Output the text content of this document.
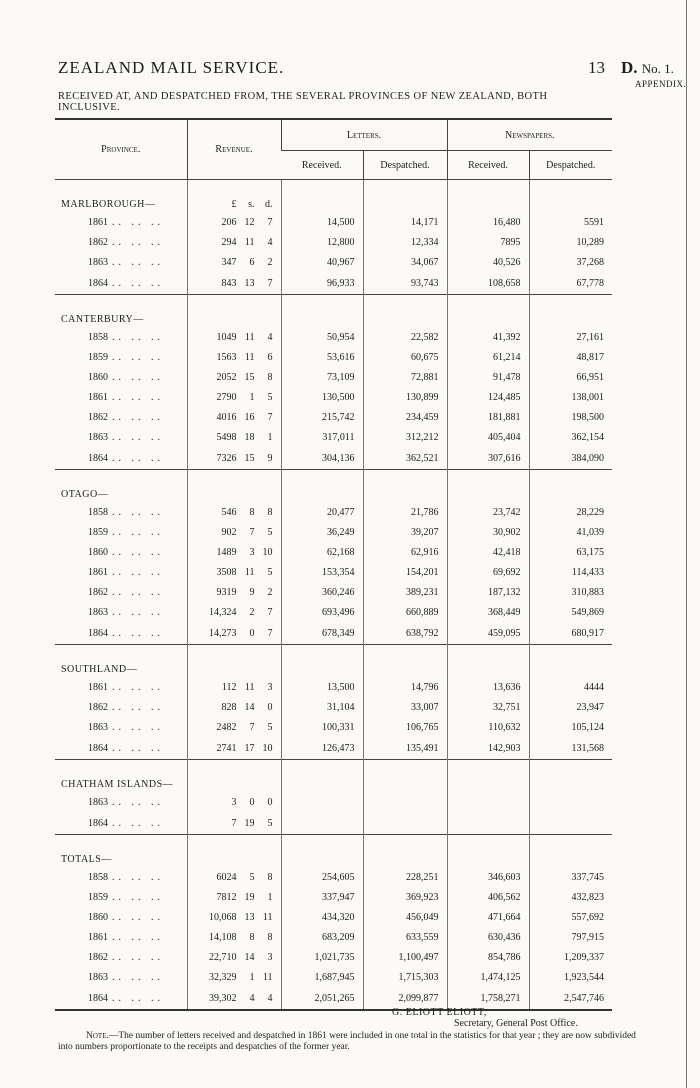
ZEALAND MAIL SERVICE.	13 D. No. 1.
APPENDIX.
RECEIVED AT, AND DESPATCHED FROM, THE SEVERAL PROVINCES OF NEW ZEALAND, BOTH INCLUSIVE.
Province.	Revenue.	Letters.		Newspapers.	
		Received.	Despatched.	Received.	Despatched.
MARLBOROUGH—	£ s. d.				
1861 .. .. ..	206 12 7	14,500	14,171	16,480	5591
1862 .. .. ..	294 11 4	12,800	12,334	7895	10,289
1863 .. .. ..	347 6 2	40,967	34,067	40,526	37,268
1864 .. .. ..	843 13 7	96,933	93,743	108,658	67,778
CANTERBURY—					
1858 .. .. ..	1049 11 4	50,954	22,582	41,392	27,161
1859 .. .. ..	1563 11 6	53,616	60,675	61,214	48,817
1860 .. .. ..	2052 15 8	73,109	72,881	91,478	66,951
1861 .. .. ..	2790 1 5	130,500	130,899	124,485	138,001
1862 .. .. ..	4016 16 7	215,742	234,459	181,881	198,500
1863 .. .. ..	5498 18 1	317,011	312,212	405,404	362,154
1864 .. .. ..	7326 15 9	304,136	362,521	307,616	384,090
OTAGO—					
1858 .. .. ..	546 8 8	20,477	21,786	23,742	28,229
1859 .. .. ..	902 7 5	36,249	39,207	30,902	41,039
1860 .. .. ..	1489 3 10	62,168	62,916	42,418	63,175
1861 .. .. ..	3508 11 5	153,354	154,201	69,692	114,433
1862 .. .. ..	9319 9 2	360,246	389,231	187,132	310,883
1863 .. .. ..	14,324 2 7	693,496	660,889	368,449	549,869
1864 .. .. ..	14,273 0 7	678,349	638,792	459,095	680,917
SOUTHLAND—					
1861 .. .. ..	112 11 3	13,500	14,796	13,636	4444
1862 .. .. ..	828 14 0	31,104	33,007	32,751	23,947
1863 .. .. ..	2482 7 5	100,331	106,765	110,632	105,124
1864 .. .. ..	2741 17 10	126,473	135,491	142,903	131,568
CHATHAM ISLANDS—					
1863 .. .. ..	3 0 0				
1864 .. .. ..	7 19 5				
TOTALS—					
1858 .. .. ..	6024 5 8	254,605	228,251	346,603	337,745
1859 .. .. ..	7812 19 1	337,947	369,923	406,562	432,823
1860 .. .. ..	10,068 13 11	434,320	456,049	471,664	557,692
1861 .. .. ..	14,108 8 8	683,209	633,559	630,436	797,915
1862 .. .. ..	22,710 14 3	1,021,735	1,100,497	854,786	1,209,337
1863 .. .. ..	32,329 1 11	1,687,945	1,715,303	1,474,125	1,923,544
1864 .. .. ..	39,302 4 4	2,051,265	2,099,877	1,758,271	2,547,746
G. ELIOTT ELIOTT,
Secretary, General Post Office.
Note.—The number of letters received and despatched in 1861 were included in one total in the statistics for that year ; they are now subdivided into numbers proportionate to the receipts and despatches of the former year.
